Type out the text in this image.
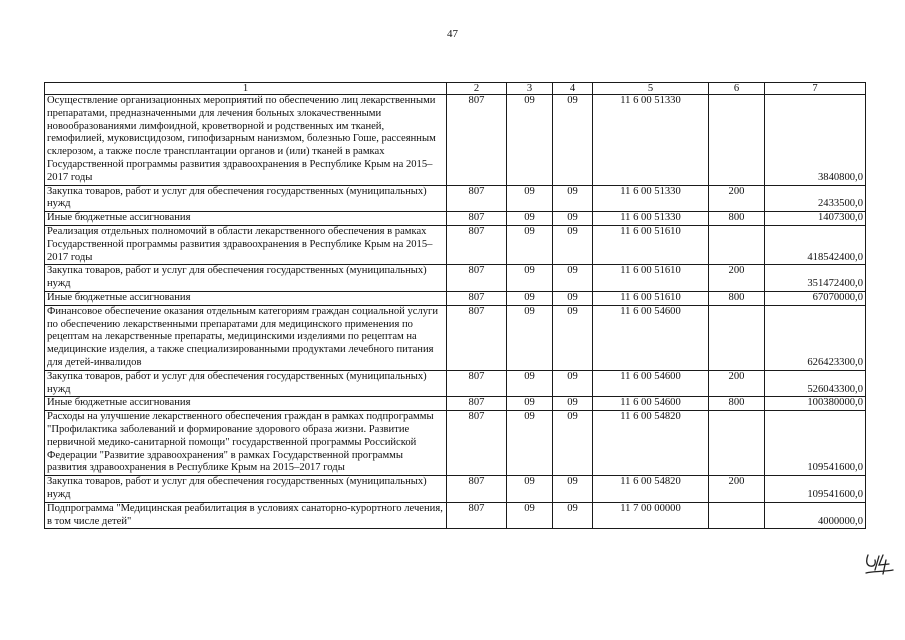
47
1	2	3	4	5	6	7
Осуществление организационных мероприятий по обеспечению лиц лекарственными препаратами, предназначенными для лечения больных злокачественными новообразованиями лимфоидной, кроветворной и родственных им тканей, гемофилией, муковисцидозом, гипофизарным нанизмом, болезнью Гоше, рассеянным склерозом, а также после трансплантации органов и (или) тканей в рамках Государственной программы развития здравоохранения в Республике Крым на 2015–2017 годы	807	09	09	11 6 00 51330		3840800,0
Закупка товаров, работ и услуг для обеспечения государственных (муниципальных) нужд	807	09	09	11 6 00 51330	200	2433500,0
Иные бюджетные ассигнования	807	09	09	11 6 00 51330	800	1407300,0
Реализация отдельных полномочий в области лекарственного обеспечения в рамках Государственной программы развития здравоохранения в Республике Крым на 2015–2017 годы	807	09	09	11 6 00 51610		418542400,0
Закупка товаров, работ и услуг для обеспечения государственных (муниципальных) нужд	807	09	09	11 6 00 51610	200	351472400,0
Иные бюджетные ассигнования	807	09	09	11 6 00 51610	800	67070000,0
Финансовое обеспечение оказания отдельным категориям граждан социальной услуги по обеспечению лекарственными препаратами для медицинского применения по рецептам на лекарственные препараты, медицинскими изделиями по рецептам на медицинские изделия, а также специализированными продуктами лечебного питания для детей-инвалидов	807	09	09	11 6 00 54600		626423300,0
Закупка товаров, работ и услуг для обеспечения государственных (муниципальных) нужд	807	09	09	11 6 00 54600	200	526043300,0
Иные бюджетные ассигнования	807	09	09	11 6 00 54600	800	100380000,0
Расходы на улучшение лекарственного обеспечения граждан в рамках подпрограммы "Профилактика заболеваний и формирование здорового образа жизни. Развитие первичной медико-санитарной помощи" государственной программы Российской Федерации "Развитие здравоохранения" в рамках Государственной программы развития здравоохранения в Республике Крым на 2015–2017 годы	807	09	09	11 6 00 54820		109541600,0
Закупка товаров, работ и услуг для обеспечения государственных (муниципальных) нужд	807	09	09	11 6 00 54820	200	109541600,0
Подпрограмма "Медицинская реабилитация в условиях санаторно-курортного лечения, в том числе детей"	807	09	09	11 7 00 00000		4000000,0
